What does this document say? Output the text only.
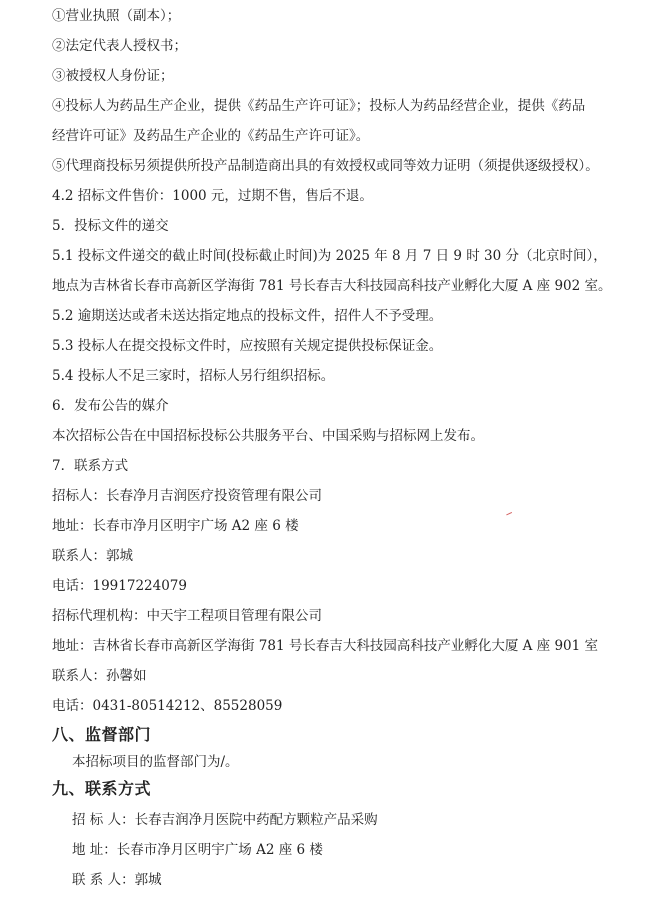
①营业执照（副本）；
②法定代表人授权书；
③被授权人身份证；
④投标人为药品生产企业，提供《药品生产许可证》；投标人为药品经营企业，提供《药品
经营许可证》及药品生产企业的《药品生产许可证》。
⑤代理商投标另须提供所投产品制造商出具的有效授权或同等效力证明（须提供逐级授权）。
4.2 招标文件售价：1000 元，过期不售，售后不退。
5．投标文件的递交
5.1 投标文件递交的截止时间(投标截止时间)为 2025 年 8 月 7 日 9 时 30 分（北京时间），
地点为吉林省长春市高新区学海街 781 号长春吉大科技园高科技产业孵化大厦 A 座 902 室。
5.2 逾期送达或者未送达指定地点的投标文件，招件人不予受理。
5.3 投标人在提交投标文件时，应按照有关规定提供投标保证金。
5.4 投标人不足三家时，招标人另行组织招标。
6．发布公告的媒介
本次招标公告在中国招标投标公共服务平台、中国采购与招标网上发布。
7．联系方式
招标人：长春净月吉润医疗投资管理有限公司
地址：长春市净月区明宇广场 A2 座 6 楼
联系人：郭城
电话：19917224079
招标代理机构：中天宇工程项目管理有限公司
地址：吉林省长春市高新区学海街 781 号长春吉大科技园高科技产业孵化大厦 A 座 901 室
联系人：孙馨如
电话：0431-80514212、85528059
八、监督部门
本招标项目的监督部门为/。
九、联系方式
招 标 人：长春吉润净月医院中药配方颗粒产品采购
地 址：长春市净月区明宇广场 A2 座 6 楼
联 系 人：郭城
